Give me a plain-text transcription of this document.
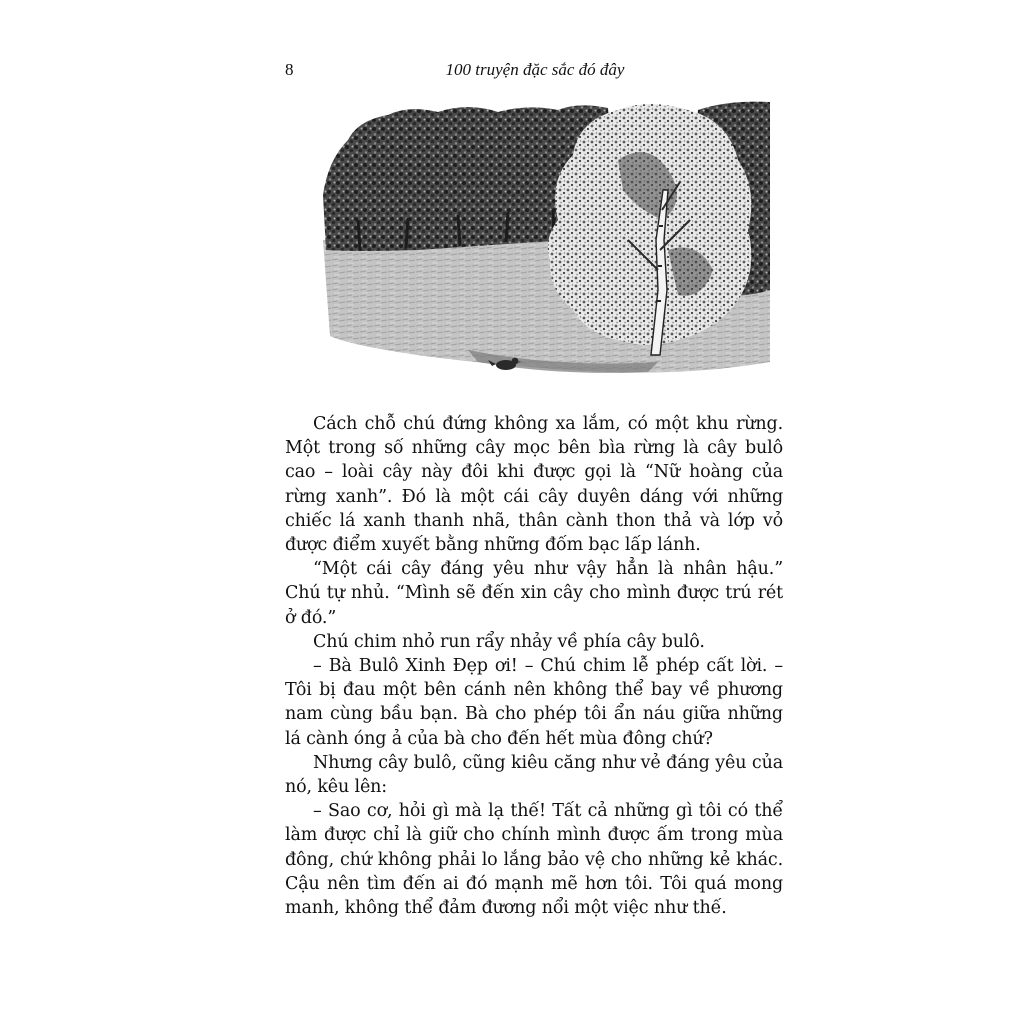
8	100 truyện đặc sắc đó đây

Cách chỗ chú đứng không xa lắm, có một khu rừng. Một trong số những cây mọc bên bìa rừng là cây bulô cao – loài cây này đôi khi được gọi là “Nữ hoàng của rừng xanh”. Đó là một cái cây duyên dáng với những chiếc lá xanh thanh nhã, thân cành thon thả và lớp vỏ được điểm xuyết bằng những đốm bạc lấp lánh.

“Một cái cây đáng yêu như vậy hẳn là nhân hậu.” Chú tự nhủ. “Mình sẽ đến xin cây cho mình được trú rét ở đó.”

Chú chim nhỏ run rẩy nhảy về phía cây bulô.

– Bà Bulô Xinh Đẹp ơi! – Chú chim lễ phép cất lời. – Tôi bị đau một bên cánh nên không thể bay về phương nam cùng bầu bạn. Bà cho phép tôi ẩn náu giữa những lá cành óng ả của bà cho đến hết mùa đông chứ?

Nhưng cây bulô, cũng kiêu căng như vẻ đáng yêu của nó, kêu lên:

– Sao cơ, hỏi gì mà lạ thế! Tất cả những gì tôi có thể làm được chỉ là giữ cho chính mình được ấm trong mùa đông, chứ không phải lo lắng bảo vệ cho những kẻ khác. Cậu nên tìm đến ai đó mạnh mẽ hơn tôi. Tôi quá mong manh, không thể đảm đương nổi một việc như thế.
